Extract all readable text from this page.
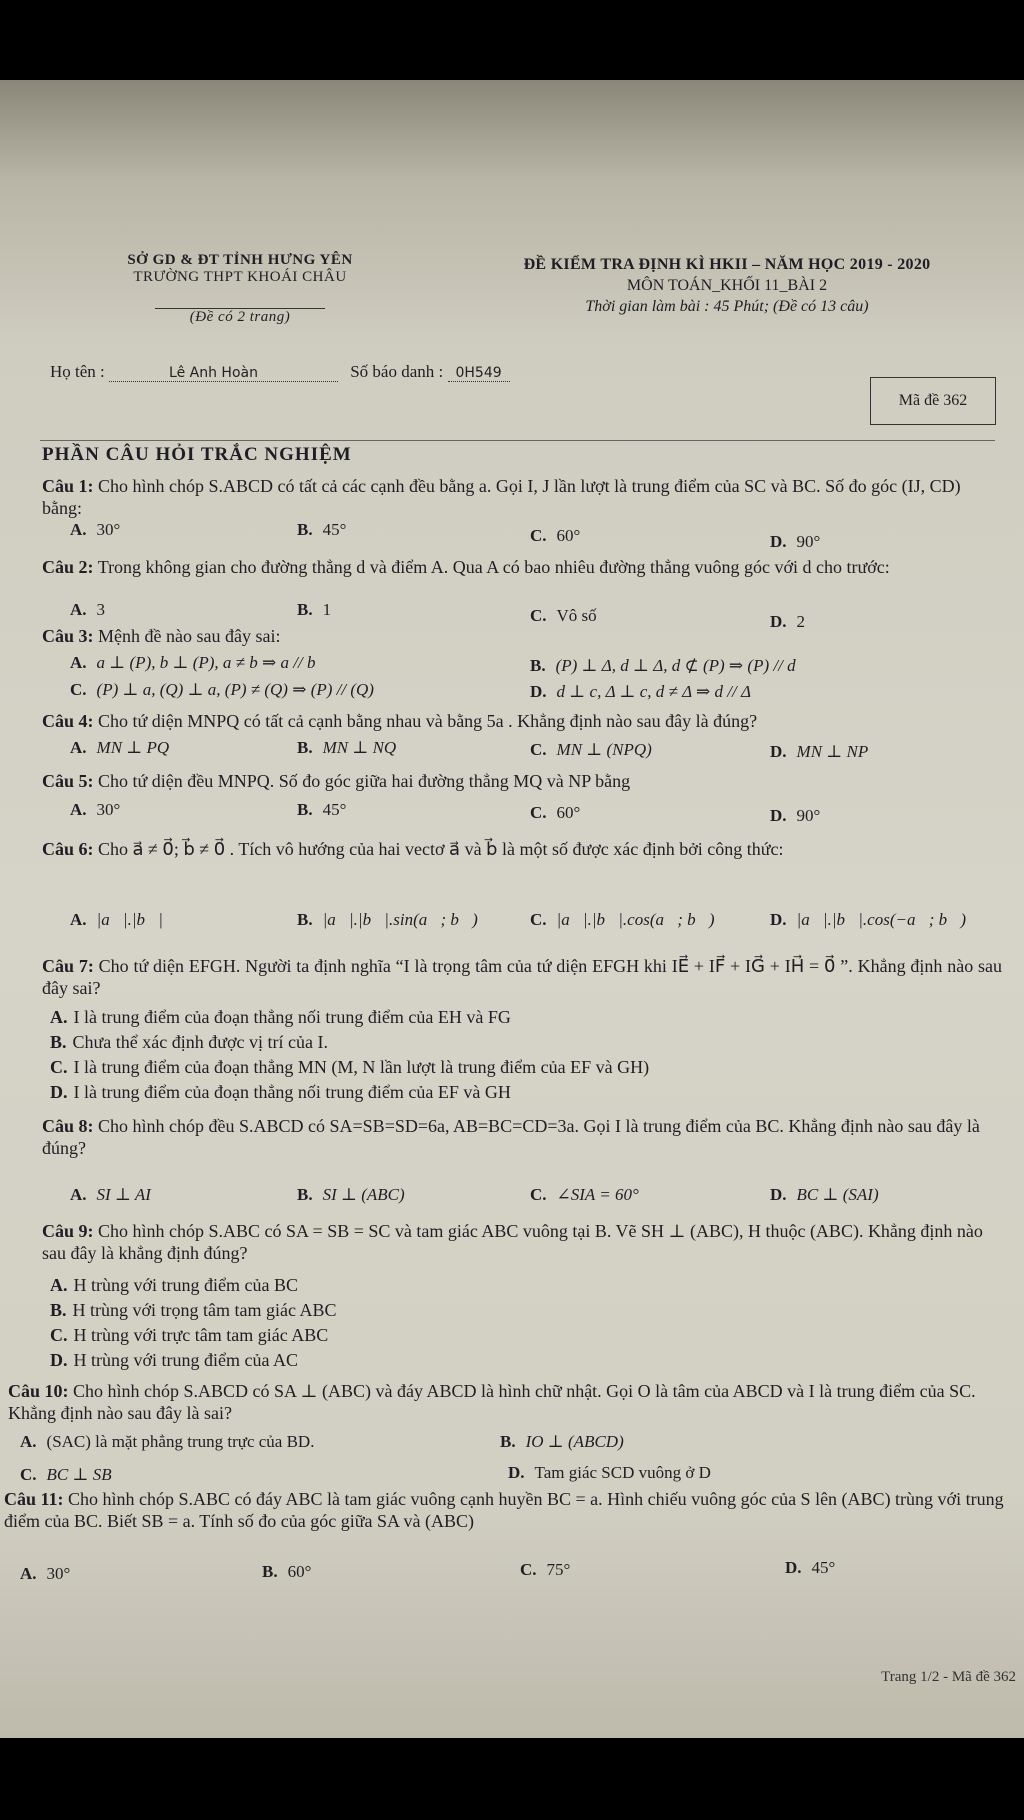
SỞ GD & ĐT TỈNH HƯNG YÊN
TRƯỜNG THPT KHOÁI CHÂU
(Đề có 2 trang)
ĐỀ KIỂM TRA ĐỊNH KÌ HKII – NĂM HỌC 2019 - 2020
MÔN TOÁN_KHỐI 11_BÀI 2
Thời gian làm bài : 45 Phút; (Đề có 13 câu)
Họ tên :	Lê Anh Hoàn	Số báo danh : 0H549
Mã đề 362
PHẦN CÂU HỎI TRẮC NGHIỆM
Câu 1: Cho hình chóp S.ABCD có tất cả các cạnh đều bằng a. Gọi I, J lần lượt là trung điểm của SC và BC. Số đo góc (IJ, CD) bằng:
A. 30°	B. 45°	C. 60°	D. 90°
Câu 2: Trong không gian cho đường thẳng d và điểm A. Qua A có bao nhiêu đường thẳng vuông góc với d cho trước:
A. 3	B. 1	C. Vô số	D. 2
Câu 3: Mệnh đề nào sau đây sai:
A. a ⊥ (P), b ⊥ (P), a ≠ b ⇒ a // b	B. (P) ⊥ Δ, d ⊥ Δ, d ⊄ (P) ⇒ (P) // d
C. (P) ⊥ a, (Q) ⊥ a, (P) ≠ (Q) ⇒ (P) // (Q)	D. d ⊥ c, Δ ⊥ c, d ≠ Δ ⇒ d // Δ
Câu 4: Cho tứ diện MNPQ có tất cả cạnh bằng nhau và bằng 5a . Khẳng định nào sau đây là đúng?
A. MN ⊥ PQ	B. MN ⊥ NQ	C. MN ⊥ (NPQ)	D. MN ⊥ NP
Câu 5: Cho tứ diện đều MNPQ. Số đo góc giữa hai đường thẳng MQ và NP bằng
A. 30°	B. 45°	C. 60°	D. 90°
Câu 6: Cho a⃗ ≠ 0⃗; b⃗ ≠ 0⃗ . Tích vô hướng của hai vectơ a⃗ và b⃗ là một số được xác định bởi công thức:
A. |a⃗|.|b⃗|	B. |a⃗|.|b⃗|.sin(a⃗; b⃗)	C. |a⃗|.|b⃗|.cos(a⃗; b⃗)	D. |a⃗|.|b⃗|.cos(−a⃗; b⃗)
Câu 7: Cho tứ diện EFGH. Người ta định nghĩa “I là trọng tâm của tứ diện EFGH khi IE⃗ + IF⃗ + IG⃗ + IH⃗ = 0⃗ ”. Khẳng định nào sau đây sai?
A. I là trung điểm của đoạn thẳng nối trung điểm của EH và FG
B. Chưa thể xác định được vị trí của I.
C. I là trung điểm của đoạn thẳng MN (M, N lần lượt là trung điểm của EF và GH)
D. I là trung điểm của đoạn thẳng nối trung điểm của EF và GH
Câu 8: Cho hình chóp đều S.ABCD có SA=SB=SD=6a, AB=BC=CD=3a. Gọi I là trung điểm của BC. Khẳng định nào sau đây là đúng?
A. SI ⊥ AI	B. SI ⊥ (ABC)	C. ∠SIA = 60°	D. BC ⊥ (SAI)
Câu 9: Cho hình chóp S.ABC có SA = SB = SC và tam giác ABC vuông tại B. Vẽ SH ⊥ (ABC), H thuộc (ABC). Khẳng định nào sau đây là khẳng định đúng?
A. H trùng với trung điểm của BC
B. H trùng với trọng tâm tam giác ABC
C. H trùng với trực tâm tam giác ABC
D. H trùng với trung điểm của AC
Câu 10: Cho hình chóp S.ABCD có SA ⊥ (ABC) và đáy ABCD là hình chữ nhật. Gọi O là tâm của ABCD và I là trung điểm của SC. Khẳng định nào sau đây là sai?
A. (SAC) là mặt phẳng trung trực của BD.	B. IO ⊥ (ABCD)
C. BC ⊥ SB	D. Tam giác SCD vuông ở D
Câu 11: Cho hình chóp S.ABC có đáy ABC là tam giác vuông cạnh huyền BC = a. Hình chiếu vuông góc của S lên (ABC) trùng với trung điểm của BC. Biết SB = a. Tính số đo của góc giữa SA và (ABC)
A. 30°	B. 60°	C. 75°	D. 45°
Trang 1/2 - Mã đề 362
